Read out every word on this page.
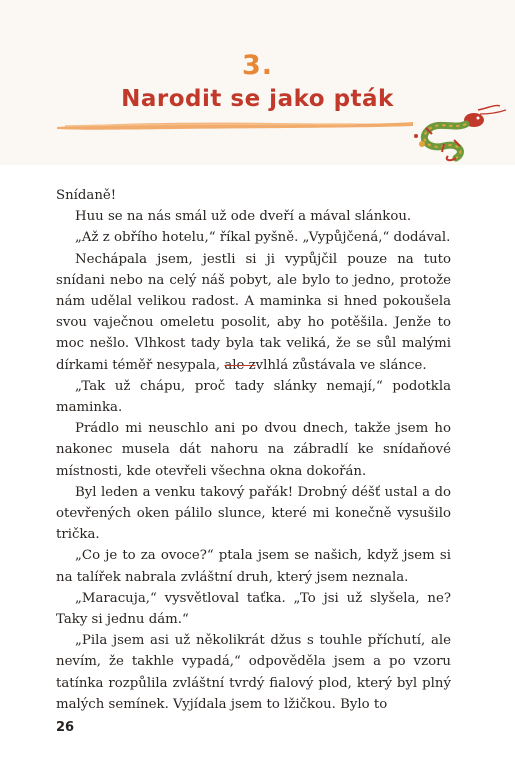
3.
Narodit se jako pták

Snídaně!

Huu se na nás smál už ode dveří a mával slánkou.

„Až z obřího hotelu,“ říkal pyšně. „Vypůjčená,“ dodával.

Nechápala jsem, jestli si ji vypůjčil pouze na tuto snídani nebo na celý náš pobyt, ale bylo to jedno, protože nám udělal velikou radost. A maminka si hned pokoušela svou vaječnou omeletu posolit, aby ho potěšila. Jenže to moc nešlo. Vlhkost tady byla tak veliká, že se sůl malými dírkami téměř nesypala, ale zvlhlá zůstávala ve slánce.

„Tak už chápu, proč tady slánky nemají,“ podotkla maminka.

Prádlo mi neuschlo ani po dvou dnech, takže jsem ho nakonec musela dát nahoru na zábradlí ke snídaňové místnosti, kde otevřeli všechna okna dokořán.

Byl leden a venku takový pařák! Drobný déšť ustal a do otevřených oken pálilo slunce, které mi konečně vysušilo trička.

„Co je to za ovoce?“ ptala jsem se našich, když jsem si na talířek nabrala zvláštní druh, který jsem neznala.

„Maracuja,“ vysvětloval taťka. „To jsi už slyšela, ne? Taky si jednu dám.“

„Pila jsem asi už několikrát džus s touhle příchutí, ale nevím, že takhle vypadá,“ odpověděla jsem a po vzoru tatínka rozpůlila zvláštní tvrdý fialový plod, který byl plný malých semínek. Vyjídala jsem to lžičkou. Bylo to

26
